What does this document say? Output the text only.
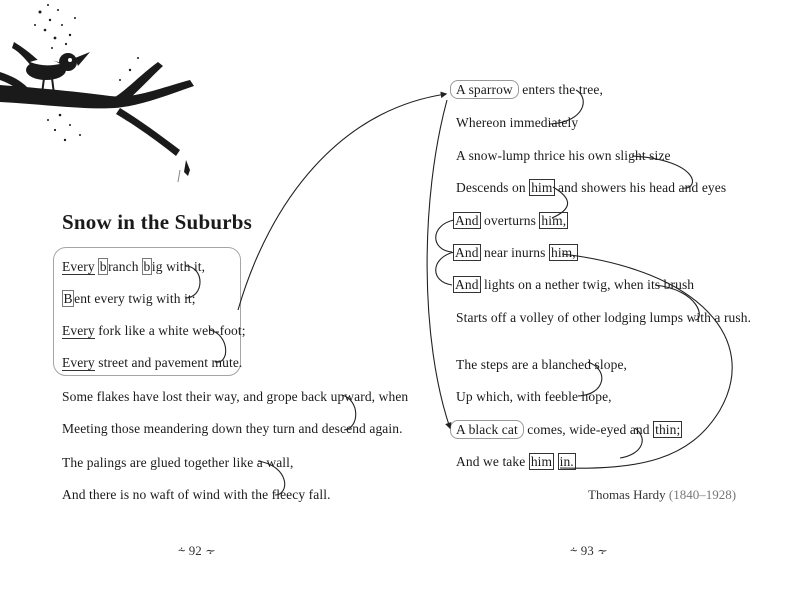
Snow in the Suburbs
Every b ranch b ig with it,
B ent every twig with it;
Every fork like a white web-foot;
Every street and pavement mute.
Some flakes have lost their way, and grope back upward, when
Meeting those meandering down they turn and descend again.
The palings are glued together like a wall,
And there is no waft of wind with the fleecy fall.
A sparrow enters the tree,
Whereon immediately
A snow-lump thrice his own slight size
Descends on him and showers his head and eyes
And overturns him,
And near inurns him,
And lights on a nether twig, when its brush
Starts off a volley of other lodging lumps with a rush.
The steps are a blanched slope,
Up which, with feeble hope,
A black cat comes, wide-eyed and thin;
And we take him in.
Thomas Hardy (1840–1928)
⸞ 92 ⸟	⸞ 93 ⸟
